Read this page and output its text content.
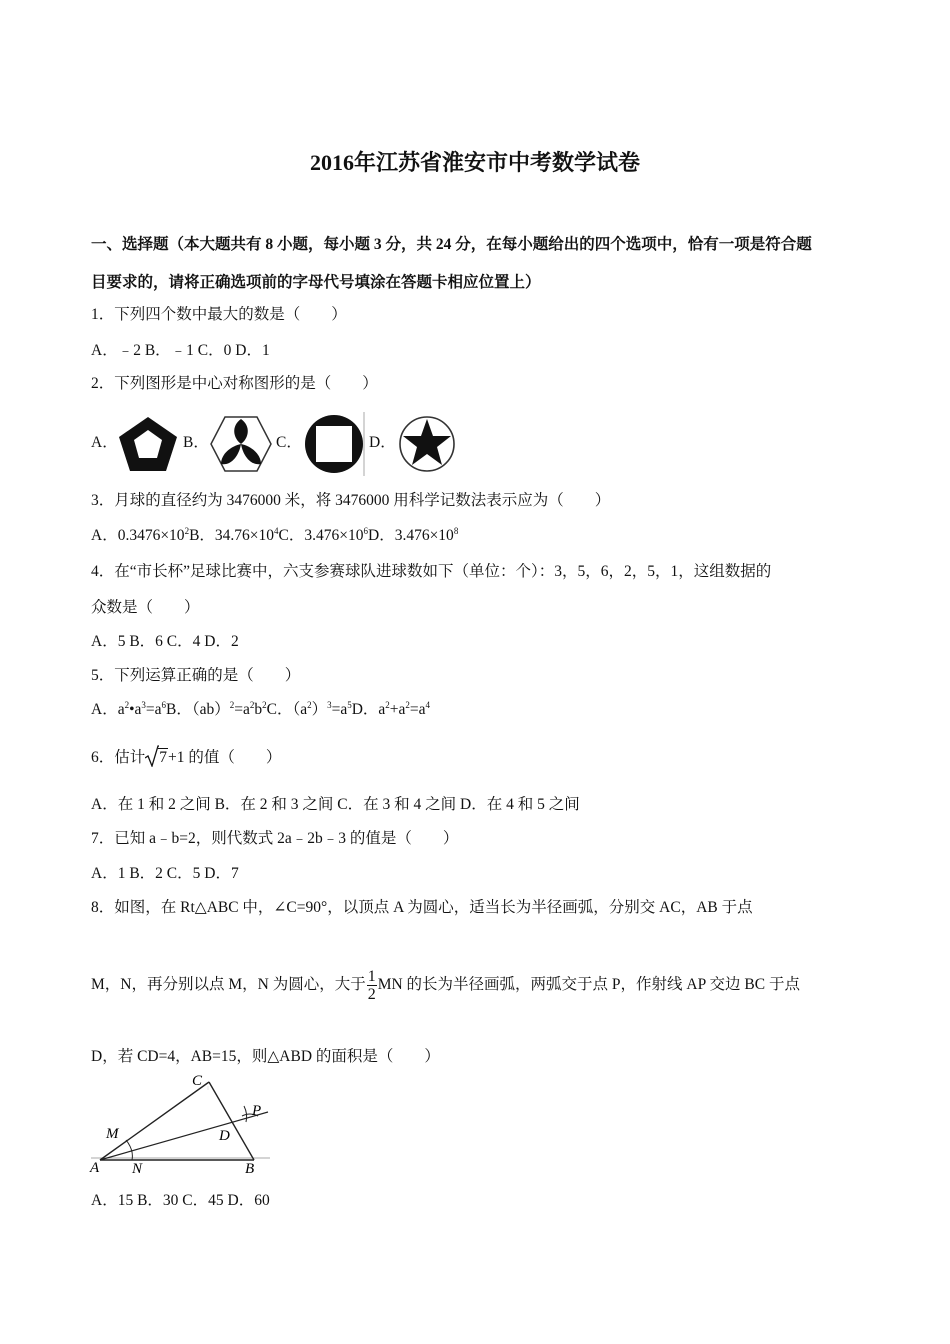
2016年江苏省淮安市中考数学试卷
一、选择题（本大题共有 8 小题，每小题 3 分，共 24 分，在每小题给出的四个选项中，恰有一项是符合题
目要求的，请将正确选项前的字母代号填涂在答题卡相应位置上）
1．下列四个数中最大的数是（　　）
A．﹣2 B．﹣1 C．0 D．1
2．下列图形是中心对称图形的是（　　）
A．	B．	C．	D．
3．月球的直径约为 3476000 米，将 3476000 用科学记数法表示应为（　　）
A．$0.3476\times 10^2B$．$34.76\times 10^4C$．$3.476\times 10^6D$．$3.476\times 10^8$
4．在“市长杯”足球比赛中，六支参赛球队进球数如下（单位：个）：3，5，6，2，5，1，这组数据的
众数是（　　）
A．5 B．6 C．4 D．2
5．下列运算正确的是（　　）
A．$a^2•a^3=a^6B$．$(ab)^2=a^2b^2C$．$(a^2)^3=a^5D$．$a^2+a^2=a^4$
6．估计 7+1 的值（　　）
A．在 1 和 2 之间 B．在 2 和 3 之间 C．在 3 和 4 之间 D．在 4 和 5 之间
7．已知 a﹣b=2，则代数式 2a﹣2b﹣3 的值是（　　）
A．1 B．2 C．5 D．7
8．如图，在 Rt△ABC 中，∠C=90°，以顶点 A 为圆心，适当长为半径画弧，分别交 AC，AB 于点
M，N，再分别以点 M，N 为圆心，大于 $\frac{1}{2}$ MN 的长为半径画弧，两弧交于点 P，作射线 AP 交边 BC 于点
D，若 CD=4，AB=15，则△ABD 的面积是（　　）
C
P
M	D
A N	B
A．15 B．30 C．45 D．60
